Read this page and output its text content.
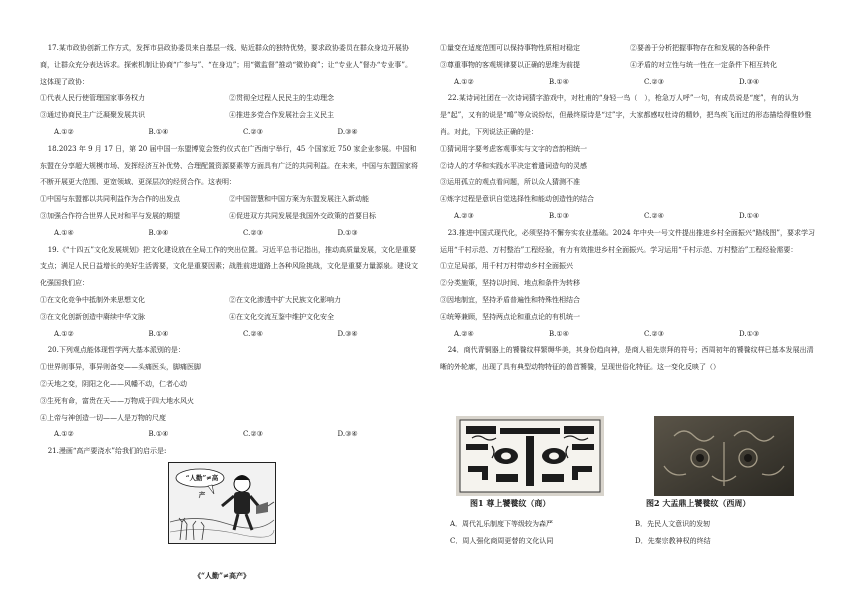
17.某市政协创新工作方式，发挥市县政协委员来自基层一线、贴近群众的独特优势，要求政协委员在群众身边开展协商，让群众充分表达诉求。探索机制让协商“广参与”、“在身边”；用“微监督”推动“微协商”；让“专业人”督办“专业事”。这体现了政协：

①代表人民行使管理国家事务权力	②贯彻全过程人民民主的生动理念
③通过协商民主广泛凝聚发展共识	④推进多党合作发展社会主义民主
A.①②	B.①④	C.②③	D.③④

18.2023 年 9 月 17 日，第 20 届中国一东盟博览会签约仪式在广西南宁举行，45 个国家近 750 家企业参展。中国和东盟在分享超大规模市场、发挥经济互补优势、合理配置资源要素等方面具有广泛的共同利益。在未来，中国与东盟国家将不断开展更大范围、更宽领域、更深层次的经贸合作。这表明：

①中国与东盟都以共同利益作为合作的出发点	②中国智慧和中国方案为东盟发展注入新动能
③加强合作符合世界人民对和平与发展的期望	④促进双方共同发展是我国外交政策的首要目标
A.①④	B.③④	C.②③	D.①③

19.《“十四五”文化发展规划》把文化建设放在全局工作的突出位置。习近平总书记指出，推动高质量发展，文化是重要支点；满足人民日益增长的美好生活需要，文化是重要因素；战胜前进道路上各种风险挑战，文化是重要力量源泉。建设文化强国我们应：

①在文化竞争中抵制外来思想文化	②在文化渗透中扩大民族文化影响力
③在文化创新创造中赓续中华文脉	④在文化交流互鉴中维护文化安全
A.①②	B.①④	C.②④	D.③④

20.下列观点能体现哲学两大基本派别的是：

①世界则事异，事异则备变——头痛医头，脚痛医脚

②天地之变，阴阳之化——风幡不动，仁者心动

③生死有命，富贵在天——万物成于四大地水风火

④上帝与神创造一切——人是万物的尺度

A.①②	B.①④	C.②③	D.③④

21.漫画“高产要浇水”给我们的启示是:

“人勤”≠高产
《“人勤”≠高产》
①量变在适度范围可以保持事物性质相对稳定	②要善于分析把握事物存在和发展的各种条件
③尊重事物的客观规律要以正确的思维为前提	④矛盾的对立性与统一性在一定条件下相互转化
A.①②	B.①④	C.②③	D.③④

22.某诗词社团在一次诗词猜字游戏中，对杜甫的“身轻一鸟（　），枪急万人呼”一句，有成员说是“度”，有的认为是“起”，又有的说是“鴄”等众说纷纭，但最终原诗是“过”字，大家都感叹杜诗的精妙，把鸟疾飞而过的形态描绘得惟妙惟肖。对此，下列说法正确的是：

①猜词用字要考虑客观事实与文字的音韵相统一

②诗人的才华和实践水平决定着遣词造句的灵感

③运用孤立的观点看问题，所以众人猜测不准

④炼字过程是意识自觉选择性和能动创造性的结合

A.②③	B.①③	C.②④	D.①④

23.推进中国式现代化，必须坚持不懈夯实农业基础。2024 年中央一号文件提出推进乡村全面振兴“路线图”，要求学习运用“千村示范、万村整治”工程经验，有力有效推进乡村全面振兴。学习运用“千村示范、万村整治”工程经验需要：

①立足局部，用千村万村带动乡村全面振兴

②分类施策，坚持以时间、地点和条件为转移

③因地制宜，坚持矛盾普遍性和特殊性相结合

④统筹兼顾，坚持两点论和重点论的有机统一

A.②④	B.①④	C.②③	D.①③

24．商代青铜器上的饕餮纹样繁缛华美，其身份趋向神，是商人祖先崇拜的符号；西周初年的饕餮纹样已基本发展出清晰的外轮廓，出现了具有典型动物特征的兽首饕餮，呈现世俗化特征。这一变化反映了（）

图1 尊上饕餮纹（商）	图2 大盂鼎上饕餮纹（西周）
A．周代礼乐制度下等级较为森严	B．先民人文意识的发轫
C．周人强化商周更替的文化认同	D．先秦宗教神权的终结
